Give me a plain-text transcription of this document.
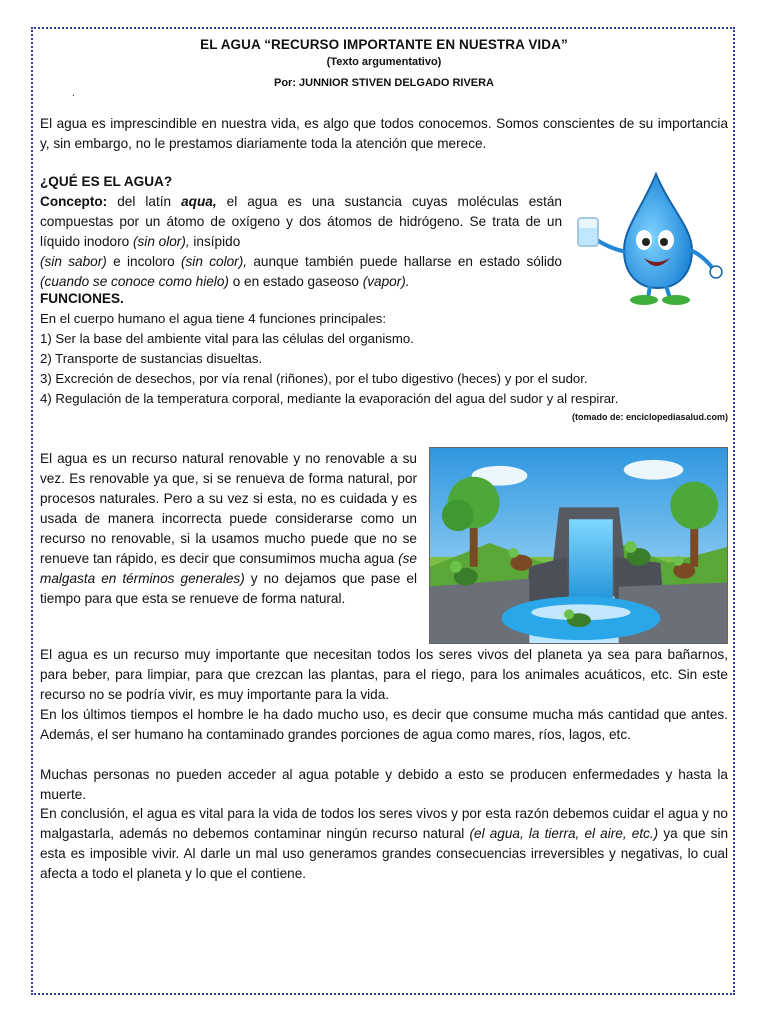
EL AGUA “RECURSO IMPORTANTE EN NUESTRA VIDA”
(Texto argumentativo)
Por: JUNNIOR STIVEN DELGADO RIVERA
.
El agua es imprescindible en nuestra vida, es algo que todos conocemos. Somos conscientes de su importancia y, sin embargo, no le prestamos diariamente toda la atención que merece.
¿QUÉ ES EL AGUA?
Concepto: del latín aqua, el agua es una sustancia cuyas moléculas están compuestas por un átomo de oxígeno y dos átomos de hidrógeno. Se trata de un líquido inodoro (sin olor), insípido
(sin sabor) e incoloro (sin color), aunque también puede hallarse en estado sólido (cuando se conoce como hielo) o en estado gaseoso (vapor).
FUNCIONES.
En el cuerpo humano el agua tiene 4 funciones principales:
1) Ser la base del ambiente vital para las células del organismo.
2) Transporte de sustancias disueltas.
3) Excreción de desechos, por vía renal (riñones), por el tubo digestivo (heces) y por el sudor.
4) Regulación de la temperatura corporal, mediante la evaporación del agua del sudor y al respirar.
(tomado de: enciclopediasalud.com)
El agua es un recurso natural renovable y no renovable a su vez. Es renovable ya que, si se renueva de forma natural, por procesos naturales. Pero a su vez si esta, no es cuidada y es usada de manera incorrecta puede considerarse como un recurso no renovable, si la usamos mucho puede que no se renueve tan rápido, es decir que consumimos mucha agua (se malgasta en términos generales) y no dejamos que pase el tiempo para que esta se renueve de forma natural.
El agua es un recurso muy importante que necesitan todos los seres vivos del planeta ya sea para bañarnos, para beber, para limpiar, para que crezcan las plantas, para el riego, para los animales acuáticos, etc. Sin este recurso no se podría vivir, es muy importante para la vida.
En los últimos tiempos el hombre le ha dado mucho uso, es decir que consume mucha más cantidad que antes. Además, el ser humano ha contaminado grandes porciones de agua como mares, ríos, lagos, etc.
Muchas personas no pueden acceder al agua potable y debido a esto se producen enfermedades y hasta la muerte.
En conclusión, el agua es vital para la vida de todos los seres vivos y por esta razón debemos cuidar el agua y no malgastarla, además no debemos contaminar ningún recurso natural (el agua, la tierra, el aire, etc.) ya que sin esta es imposible vivir. Al darle un mal uso generamos grandes consecuencias irreversibles y negativas, lo cual afecta a todo el planeta y lo que el contiene.
